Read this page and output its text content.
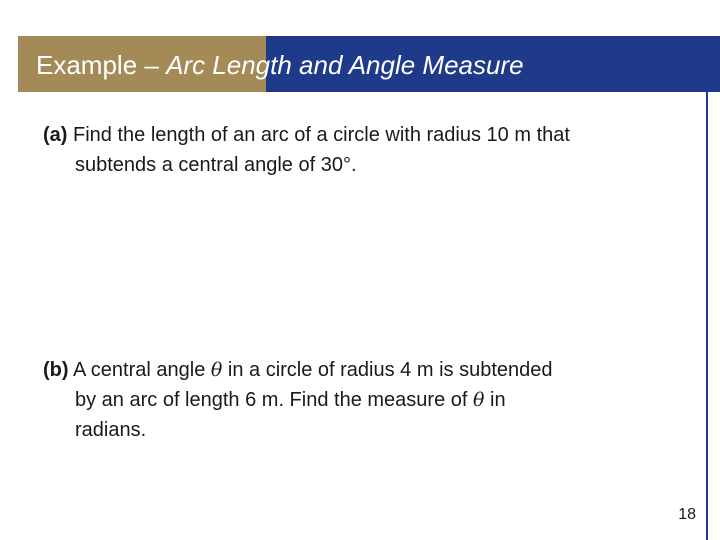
Example – Arc Length and Angle Measure

(a) Find the length of an arc of a circle with radius 10 m that
subtends a central angle of 30°.

(b) A central angle θ in a circle of radius 4 m is subtended
by an arc of length 6 m. Find the measure of θ in
radians.

18
